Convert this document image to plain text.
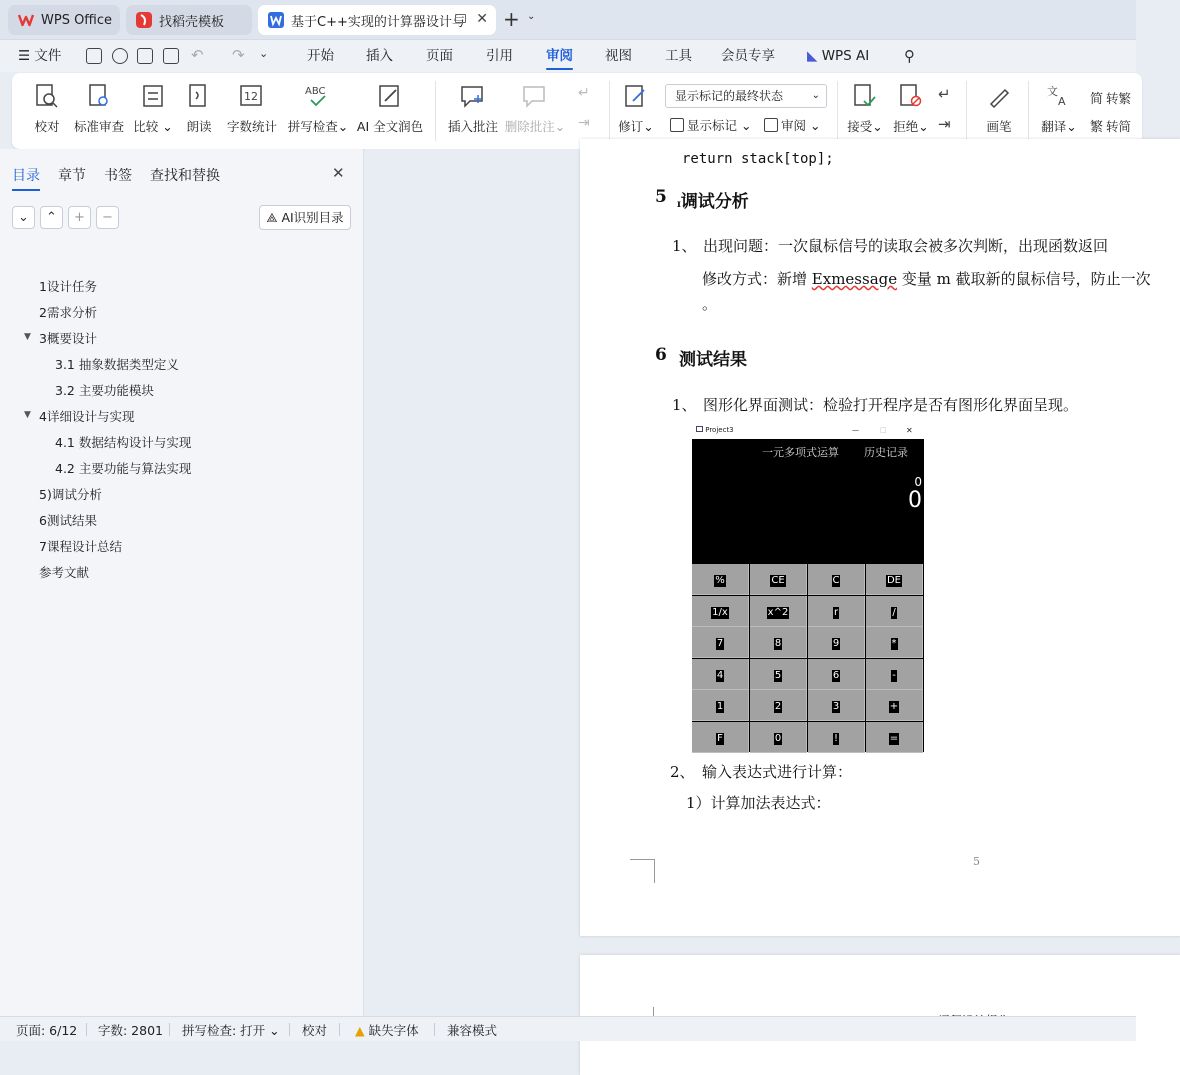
WPS Office	找稻壳模板	基于C++实现的计算器设计与 ✕ + ⌄
☰ 文件	↶ ↷ ⌄	开始 插入 页面 引用 审阅 视图 工具 会员专享 ◣ WPS AI ⚲
校对 标准审查 比较 ⌄ 朗读
12
字数统计
ABC
拼写检查⌄ AI 全文润色 插入批注 删除批注⌄
↵
⇥ 修订⌄
显示标记的最终状态	⌄
显示标记 ⌄	审阅 ⌄ 接受⌄ 拒绝⌄
↵
⇥	画笔
文
A
翻译⌄
简 转繁
繁 转简
目录 章节 书签 查找和替换	✕
⌄	⌃	+	−	⟁ AI识别目录
1设计任务
2需求分析
▼ 3概要设计
3.1 抽象数据类型定义
3.2 主要功能模块
▼ 4详细设计与实现
4.1 数据结构设计与实现
4.2 主要功能与算法实现
5)调试分析
6测试结果
7课程设计总结
参考文献
return stack[top];
5 ɪ调试分析
1、 出现问题：一次鼠标信号的读取会被多次判断，出现函数返回
修改方式：新增 Exmessage 变量 m 截取新的鼠标信号，防止一次
。
6 测试结果
1、 图形化界面测试：检验打开程序是否有图形化界面呈现。
Project3	—	□ ✕
一元多项式运算 历史记录
0
0
%	CE	C	DE
1/x	x^2	r	/
7	8	9	*
4	5	6	-
1	2	3	+
F	0	!	=
2、 输入表达式进行计算：
1）计算加法表达式：
5
页面: 6/12 字数: 2801 拼写检查: 打开 ⌄ 校对 ▲ 缺失字体 兼容模式
